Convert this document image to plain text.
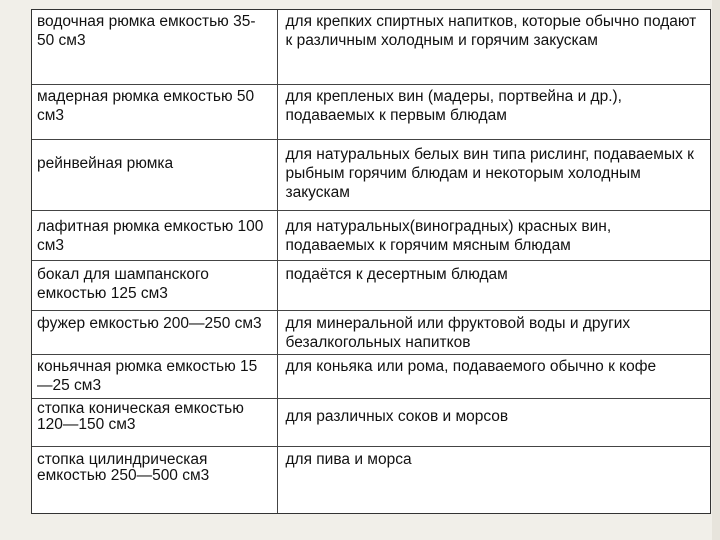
водочная рюмка емкостью 35-50 см3	для крепких спиртных напитков, которые обычно подают к различным холодным и горячим закускам
мадерная рюмка емкостью 50 см3	для крепленых вин (мадеры, портвейна и др.), подаваемых к первым блюдам
рейнвейная рюмка	для натуральных белых вин типа рислинг, подаваемых к рыбным горячим блюдам и некоторым холодным закускам
лафитная рюмка емкостью 100 см3	для натуральных(виноградных) красных вин, подаваемых к горячим мясным блюдам
бокал для шампанского емкостью 125 см3	подаётся к десертным блюдам
фужер емкостью 200—250 см3	для минеральной или фруктовой воды и других безалкогольных напитков
коньячная рюмка емкостью 15—25 см3	для коньяка или рома, подаваемого обычно к кофе
стопка коническая емкостью 120—150 см3	для различных соков и морсов
стопка цилиндрическая емкостью 250—500 см3	для пива и морса
